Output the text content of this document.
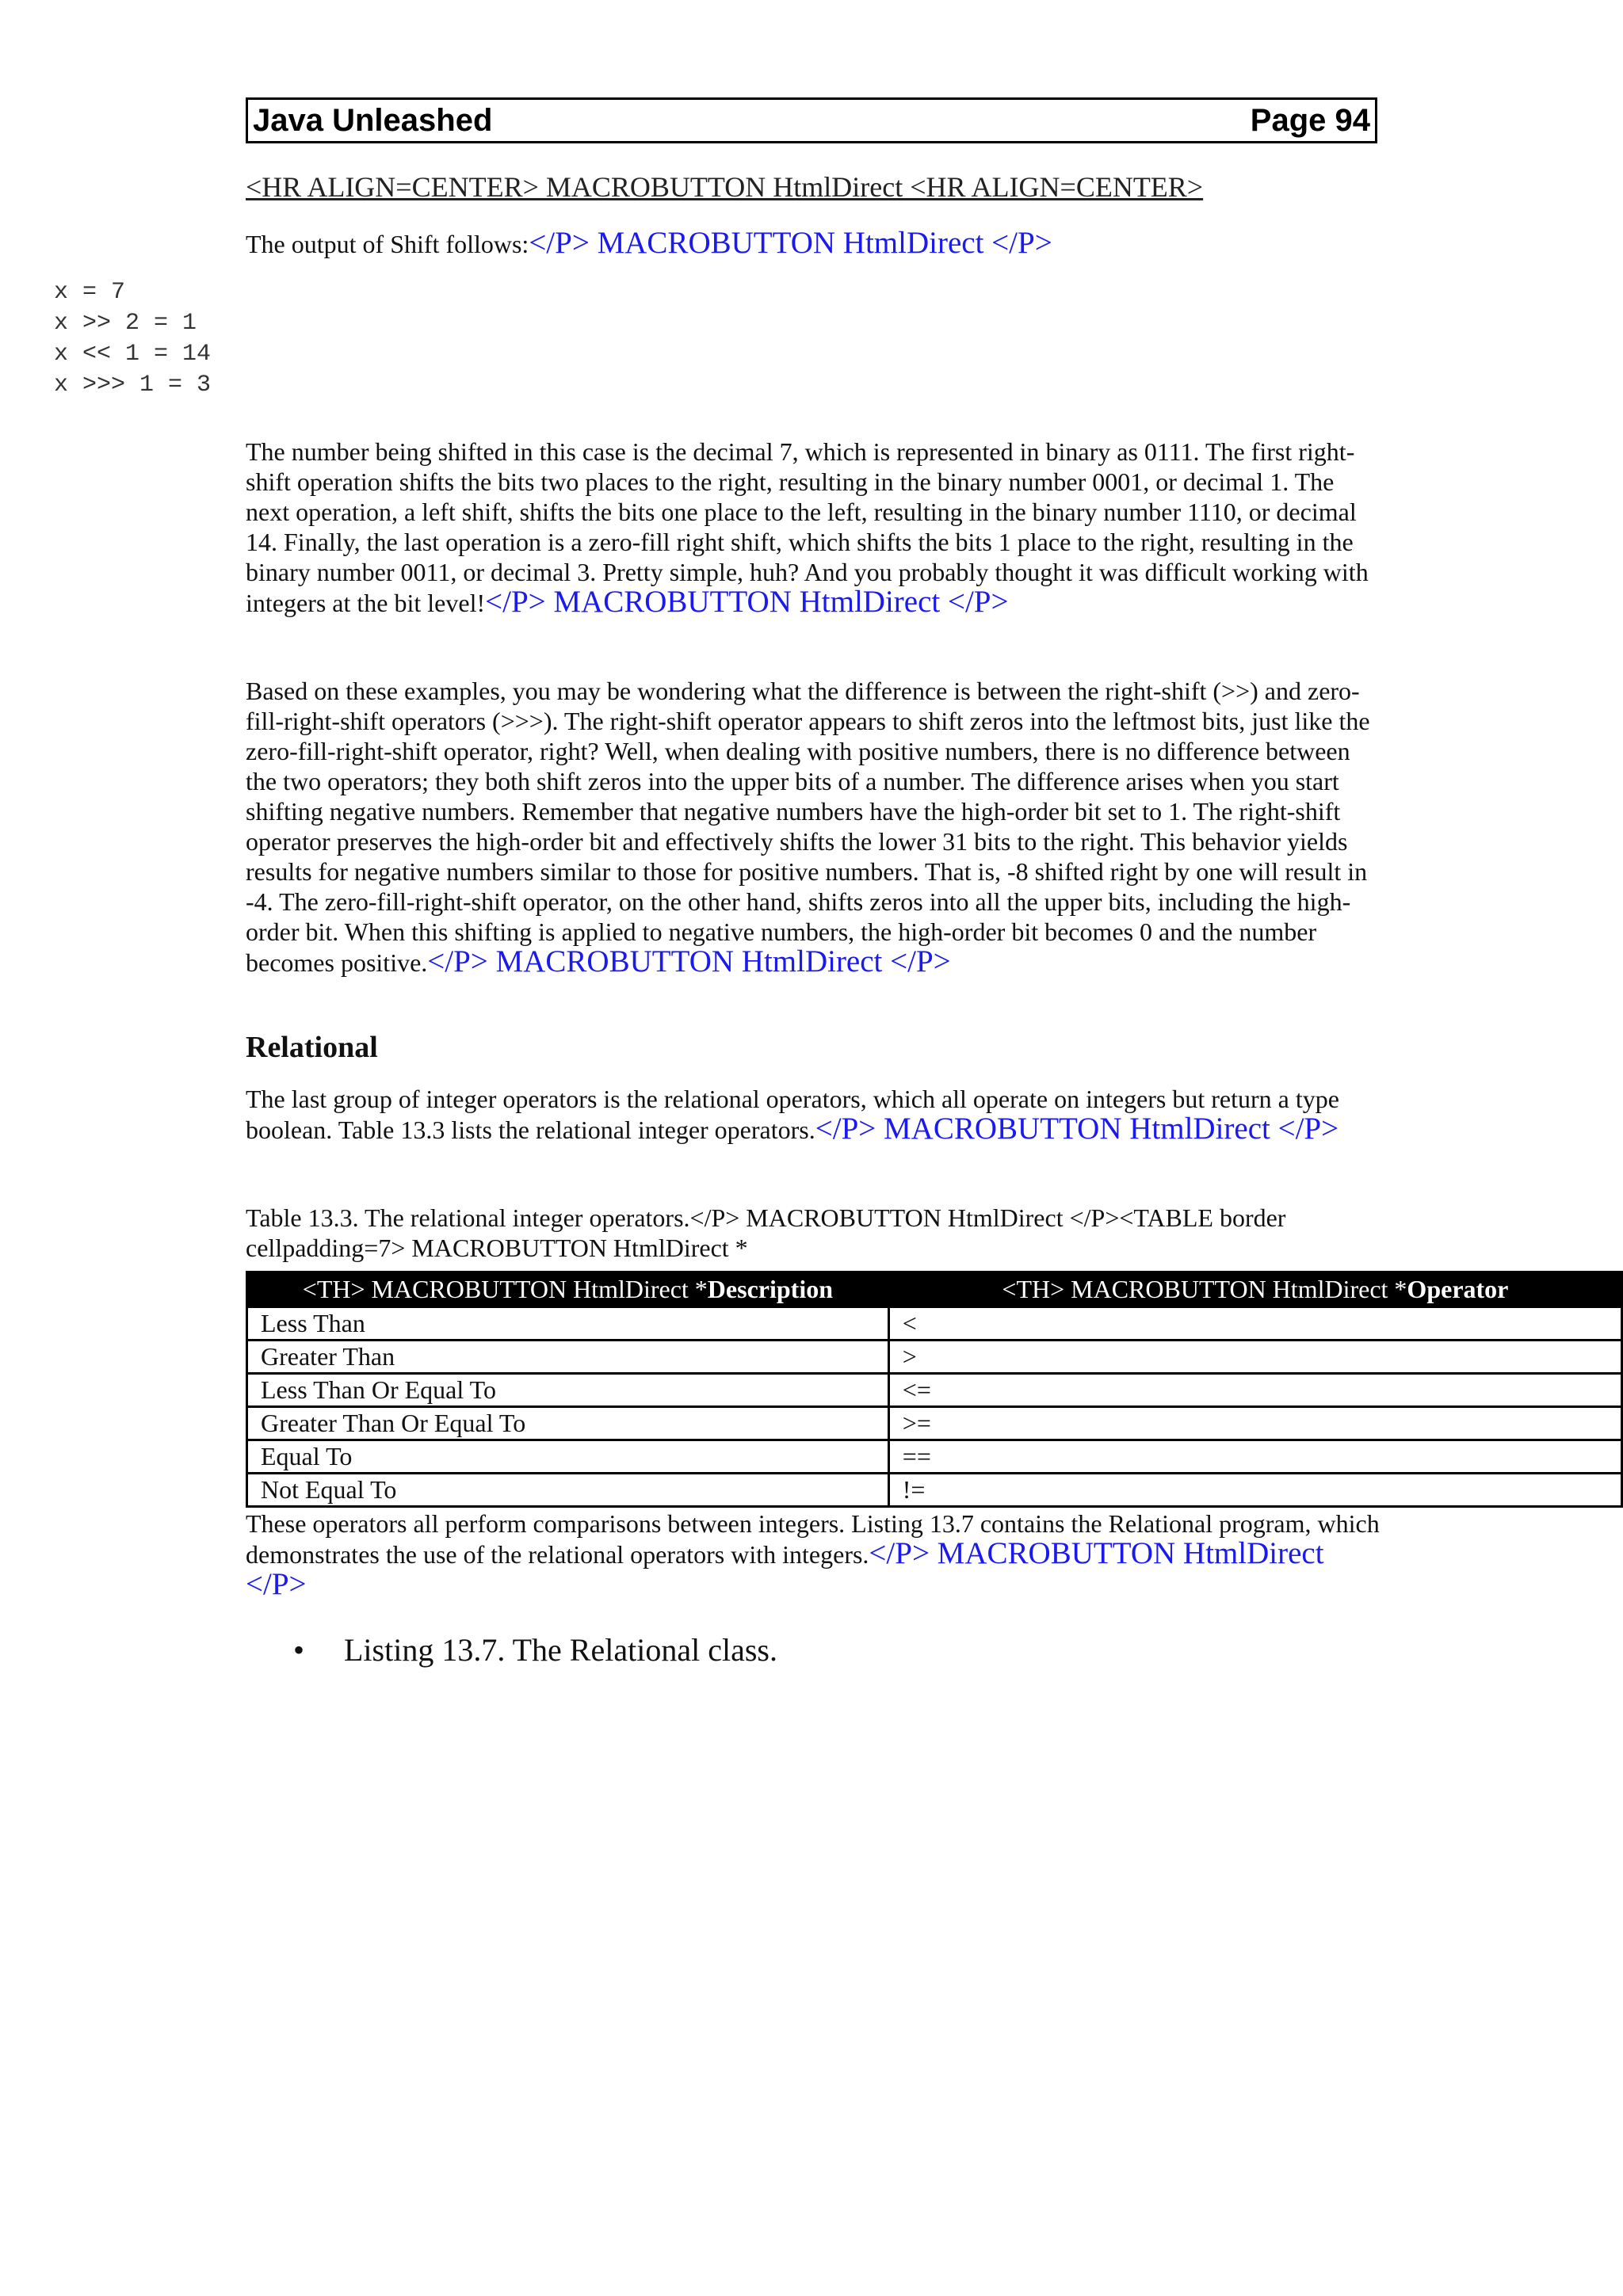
Java Unleashed	Page 94
<HR ALIGN=CENTER> MACROBUTTON HtmlDirect <HR ALIGN=CENTER>

The output of Shift follows:</P> MACROBUTTON HtmlDirect </P>

x = 7
x >> 2 = 1
x << 1 = 14
x >>> 1 = 3

The number being shifted in this case is the decimal 7, which is represented in binary as 0111. The first right-shift operation shifts the bits two places to the right, resulting in the binary number 0001, or decimal 1. The next operation, a left shift, shifts the bits one place to the left, resulting in the binary number 1110, or decimal 14. Finally, the last operation is a zero-fill right shift, which shifts the bits 1 place to the right, resulting in the binary number 0011, or decimal 3. Pretty simple, huh? And you probably thought it was difficult working with integers at the bit level!</P> MACROBUTTON HtmlDirect </P>

Based on these examples, you may be wondering what the difference is between the right-shift (>>) and zero-fill-right-shift operators (>>>). The right-shift operator appears to shift zeros into the leftmost bits, just like the zero-fill-right-shift operator, right? Well, when dealing with positive numbers, there is no difference between the two operators; they both shift zeros into the upper bits of a number. The difference arises when you start shifting negative numbers. Remember that negative numbers have the high-order bit set to 1. The right-shift operator preserves the high-order bit and effectively shifts the lower 31 bits to the right. This behavior yields results for negative numbers similar to those for positive numbers. That is, -8 shifted right by one will result in -4. The zero-fill-right-shift operator, on the other hand, shifts zeros into all the upper bits, including the high-order bit. When this shifting is applied to negative numbers, the high-order bit becomes 0 and the number becomes positive.</P> MACROBUTTON HtmlDirect </P>

Relational

The last group of integer operators is the relational operators, which all operate on integers but return a type boolean. Table 13.3 lists the relational integer operators.</P> MACROBUTTON HtmlDirect </P>

Table 13.3. The relational integer operators.</P> MACROBUTTON HtmlDirect </P><TABLE border cellpadding=7> MACROBUTTON HtmlDirect *

<TH> MACROBUTTON HtmlDirect *Description	<TH> MACROBUTTON HtmlDirect *Operator
Less Than	<
Greater Than	>
Less Than Or Equal To	<=
Greater Than Or Equal To	>=
Equal To	==
Not Equal To	!=

These operators all perform comparisons between integers. Listing 13.7 contains the Relational program, which demonstrates the use of the relational operators with integers.</P> MACROBUTTON HtmlDirect </P>

• Listing 13.7. The Relational class.
